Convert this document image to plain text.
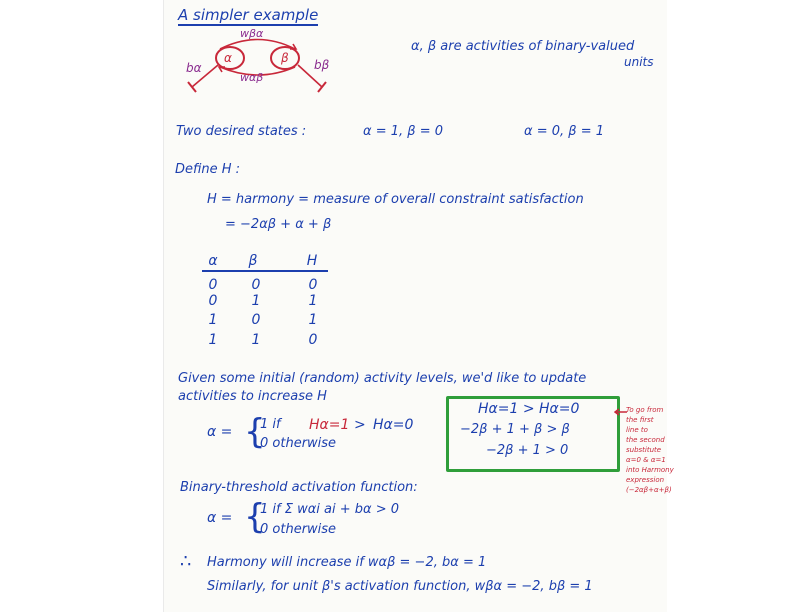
A simpler example
α	β
wβα
wαβ
bα	bβ
α, β are activities of binary-valued
units
Two desired states :	α = 1, β = 0	α = 0, β = 1
Define H :
H = harmony = measure of overall constraint satisfaction
= −2αβ + α + β
α	β	H
0	0	0
0	1	1
1	0	1
1	1	0
Given some initial (random) activity levels, we'd like to update
activities to increase H
α = {
1 if Hα=1 > Hα=0
0 otherwise
Hα=1 > Hα=0
−2β + 1 + β > β
−2β + 1 > 0
To go from
the first
line to
the second
substitute
α=0 & α=1
into Harmony
expression
(−2αβ+α+β)
Binary-threshold activation function:
α = {
1 if Σ wαi ai + bα > 0
0 otherwise
∴ Harmony will increase if wαβ = −2, bα = 1
Similarly, for unit β's activation function, wβα = −2, bβ = 1
